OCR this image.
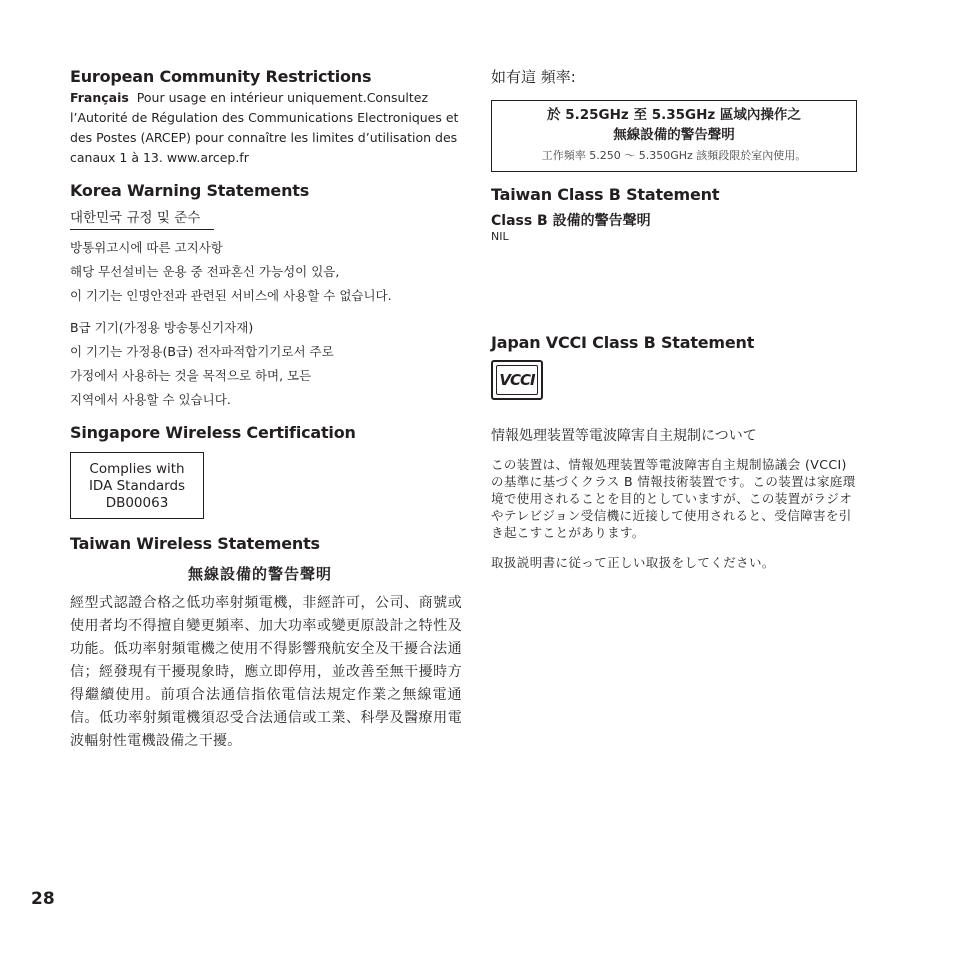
European Community Restrictions

Français Pour usage en intérieur uniquement.Consultez l’Autorité de Régulation des Communications Electroniques et des Postes (ARCEP) pour connaître les limites d’utilisation des canaux 1 à 13. www.arcep.fr

Korea Warning Statements
대한민국 규정 및 준수
방통위고시에 따른 고지사항
해당 무선설비는 운용 중 전파혼신 가능성이 있음,
이 기기는 인명안전과 관련된 서비스에 사용할 수 없습니다.
B급 기기(가정용 방송통신기자재)
이 기기는 가정용(B급) 전자파적합기기로서 주로
가정에서 사용하는 것을 목적으로 하며, 모든
지역에서 사용할 수 있습니다.
Singapore Wireless Certification
Complies with
IDA Standards
DB00063
Taiwan Wireless Statements
無線設備的警告聲明

經型式認證合格之低功率射頻電機，非經許可，公司、商號或使用者均不得擅自變更頻率、加大功率或變更原設計之特性及功能。低功率射頻電機之使用不得影響飛航安全及干擾合法通信；經發現有干擾現象時，應立即停用，並改善至無干擾時方得繼續使用。前項合法通信指依電信法規定作業之無線電通信。低功率射頻電機須忍受合法通信或工業、科學及醫療用電波輻射性電機設備之干擾。

如有這 頻率:
於 5.25GHz 至 5.35GHz 區域內操作之
無線設備的警告聲明
工作頻率 5.250 ～ 5.350GHz 該頻段限於室內使用。
Taiwan Class B Statement
Class B 設備的警告聲明
NIL
Japan VCCI Class B Statement
VCCI
情報処理装置等電波障害自主規制について

この装置は、情報処理装置等電波障害自主規制協議会 (VCCI) の基準に基づくクラス B 情報技術装置です。この装置は家庭環境で使用されることを目的としていますが、この装置がラジオやテレビジョン受信機に近接して使用されると、受信障害を引き起こすことがあります。

取扱説明書に従って正しい取扱をしてください。

28
